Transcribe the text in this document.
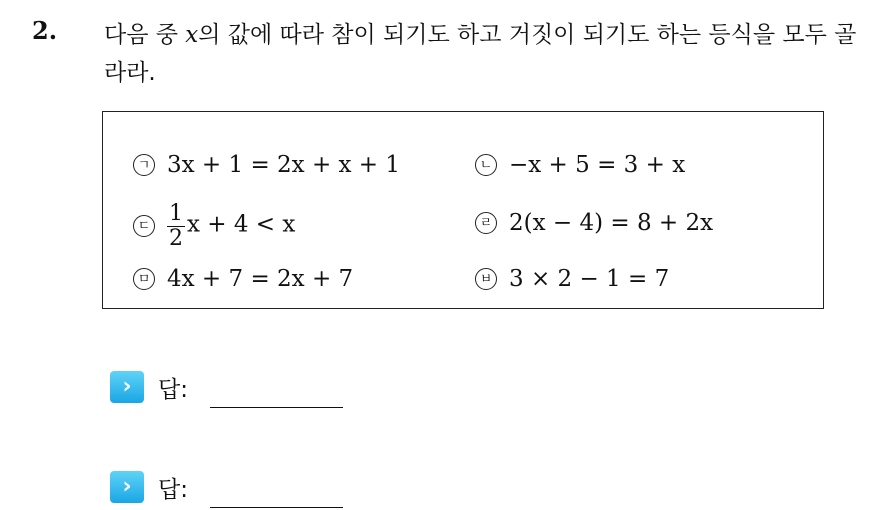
2. 다음 중 x의 값에 따라 참이 되기도 하고 거짓이 되기도 하는 등식을 모두 골라라.
ㄱ 3x + 1 = 2x + x + 1	ㄴ −x + 5 = 3 + x
ㄷ $\frac{1}{2}$ x + 4 < x	ㄹ 2(x − 4) = 8 + 2x
ㅁ 4x + 7 = 2x + 7	ㅂ 3 × 2 − 1 = 7
›	답:
›	답:
